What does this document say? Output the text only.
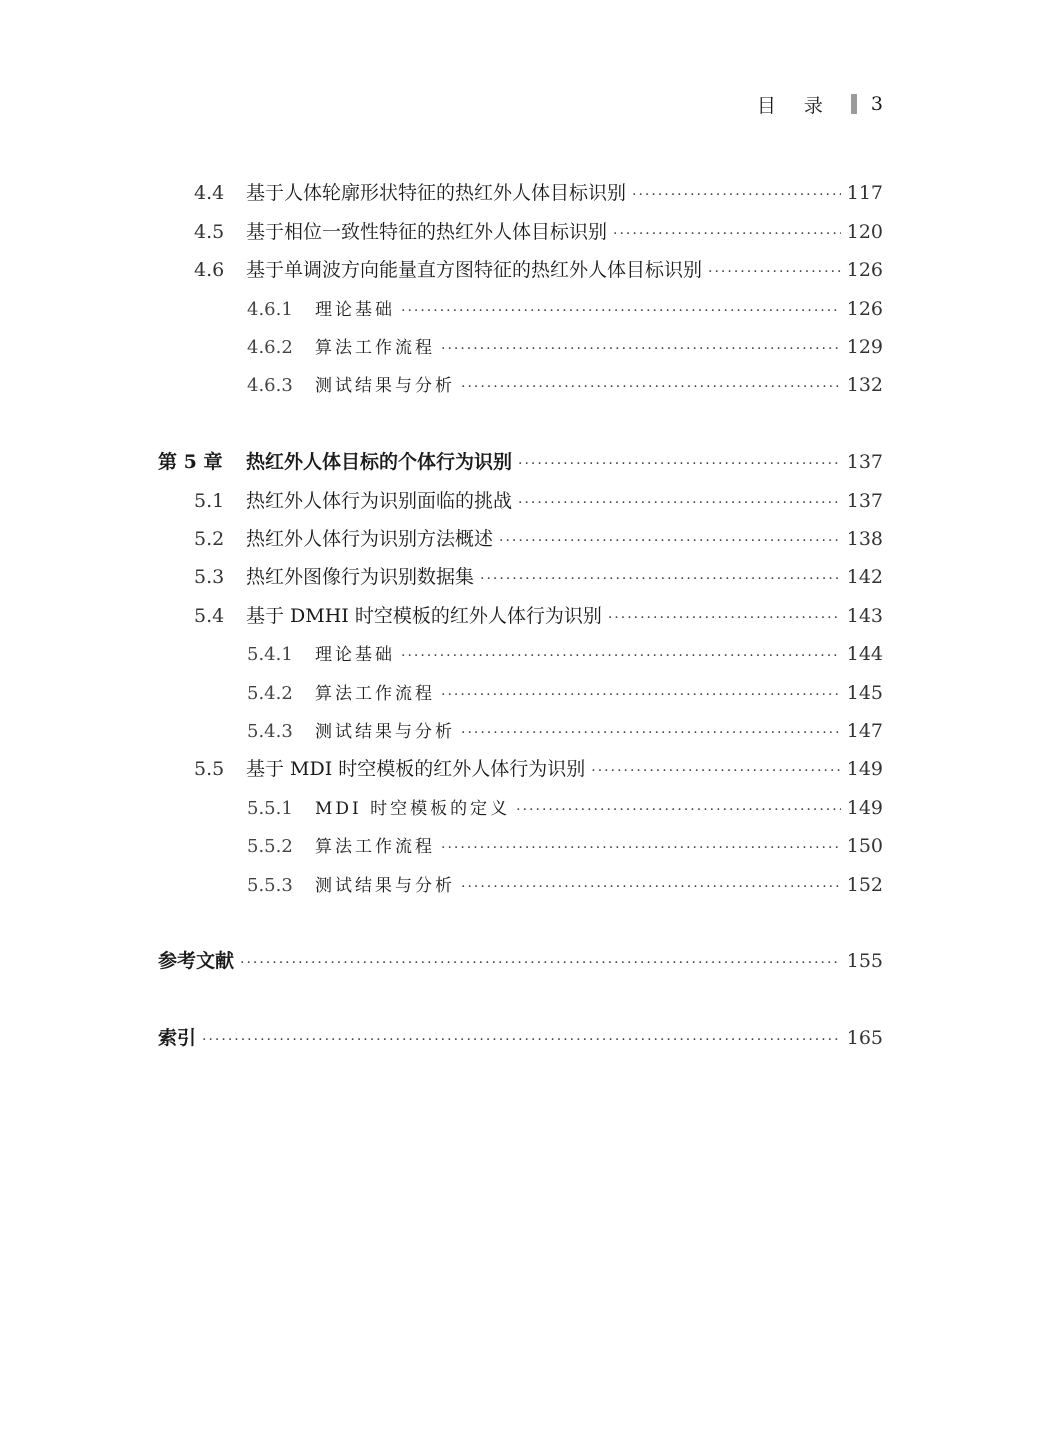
目录 3
4.4	基于人体轮廓形状特征的热红外人体目标识别 ·····	117
4.5	基于相位一致性特征的热红外人体目标识别 ·····	120
4.6	基于单调波方向能量直方图特征的热红外人体目标识别 ·····	126
4.6.1	理论基础 ·····	126
4.6.2	算法工作流程 ·····	129
4.6.3	测试结果与分析 ·····	132
第 5 章	热红外人体目标的个体行为识别 ·····	137
5.1	热红外人体行为识别面临的挑战 ·····	137
5.2	热红外人体行为识别方法概述 ·····	138
5.3	热红外图像行为识别数据集 ·····	142
5.4	基于 DMHI 时空模板的红外人体行为识别 ·····	143
5.4.1	理论基础 ·····	144
5.4.2	算法工作流程 ·····	145
5.4.3	测试结果与分析 ·····	147
5.5	基于 MDI 时空模板的红外人体行为识别 ·····	149
5.5.1	MDI 时空模板的定义 ·····	149
5.5.2	算法工作流程 ·····	150
5.5.3	测试结果与分析 ·····	152
参考文献 ·····	155
索引 ·····	165
